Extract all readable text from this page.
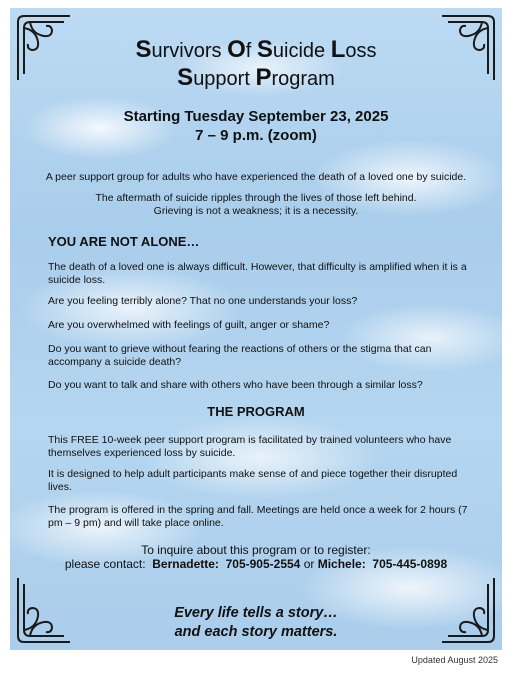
Survivors Of Suicide Loss
Support Program

Starting Tuesday September 23, 2025

7 – 9 p.m. (zoom)

A peer support group for adults who have experienced the death of a loved one by suicide.

The aftermath of suicide ripples through the lives of those left behind.

Grieving is not a weakness; it is a necessity.

YOU ARE NOT ALONE…

The death of a loved one is always difficult. However, that difficulty is amplified when it is a suicide loss.

Are you feeling terribly alone? That no one understands your loss?

Are you overwhelmed with feelings of guilt, anger or shame?

Do you want to grieve without fearing the reactions of others or the stigma that can accompany a suicide death?

Do you want to talk and share with others who have been through a similar loss?

THE PROGRAM

This FREE 10-week peer support program is facilitated by trained volunteers who have themselves experienced loss by suicide.

It is designed to help adult participants make sense of and piece together their disrupted lives.

The program is offered in the spring and fall. Meetings are held once a week for 2 hours (7 pm – 9 pm) and will take place online.

To inquire about this program or to register:

please contact: Bernadette: 705-905-2554 or Michele: 705-445-0898

Every life tells a story…

and each story matters.

Updated August 2025
